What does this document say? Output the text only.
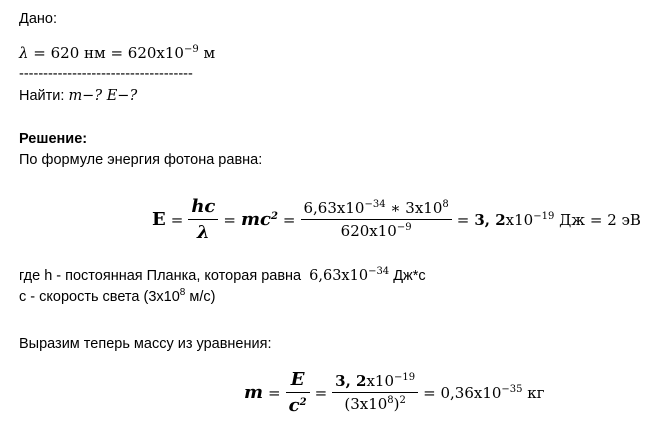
Дано:
λ = 620 нм = $620x10^{-9}$ м
------------------------------------
Найти: m−? E−?
Решение:
По формуле энергия фотона равна:
$E = \frac{hc}{\lambda} = mc^2 = \frac{6,63x10^{-34} ∗ 3x10^8}{620x10^{-9}} = 3$, $2x10^{-19}$ Дж = 2 эВ
где h - постоянная Планка, которая равна $6,63x10^{-34}$ Дж*с
с - скорость света ($3x10^8$ м/с)
Выразим теперь массу из уравнения:
$m = \frac{E}{c^2} = \frac{3, 2x10^{-19}}{(3x10^8)^2} = 0,36x10^{-35}$ кг
